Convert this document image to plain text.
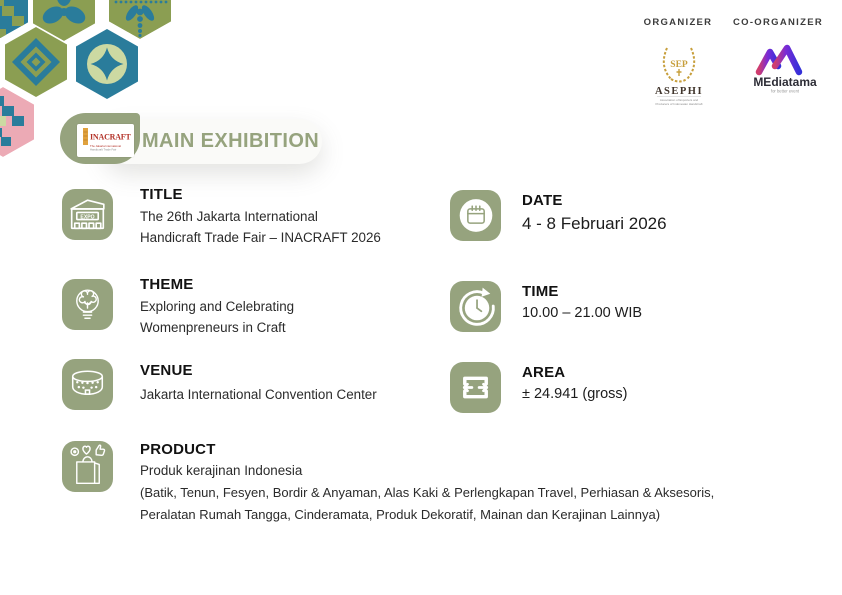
ORGANIZER
SEP
ASEPHI
Association of Exporters and
Producers of Indonesian Handicraft
CO-ORGANIZER
MEdiatama
for better event
INACRAFT
The Jakarta International
Handicraft Trade Fair MAIN EXHIBITION
EXPO
TITLE
The 26th Jakarta International
Handicraft Trade Fair – INACRAFT 2026
THEME
Exploring and Celebrating
Womenpreneurs in Craft
VENUE
Jakarta International Convention Center
PRODUCT
Produk kerajinan Indonesia
(Batik, Tenun, Fesyen, Bordir & Anyaman, Alas Kaki & Perlengkapan Travel, Perhiasan & Aksesoris,
Peralatan Rumah Tangga, Cinderamata, Produk Dekoratif, Mainan dan Kerajinan Lainnya)
DATE
4 - 8 Februari 2026
TIME
10.00 – 21.00 WIB
AREA
± 24.941 (gross)
